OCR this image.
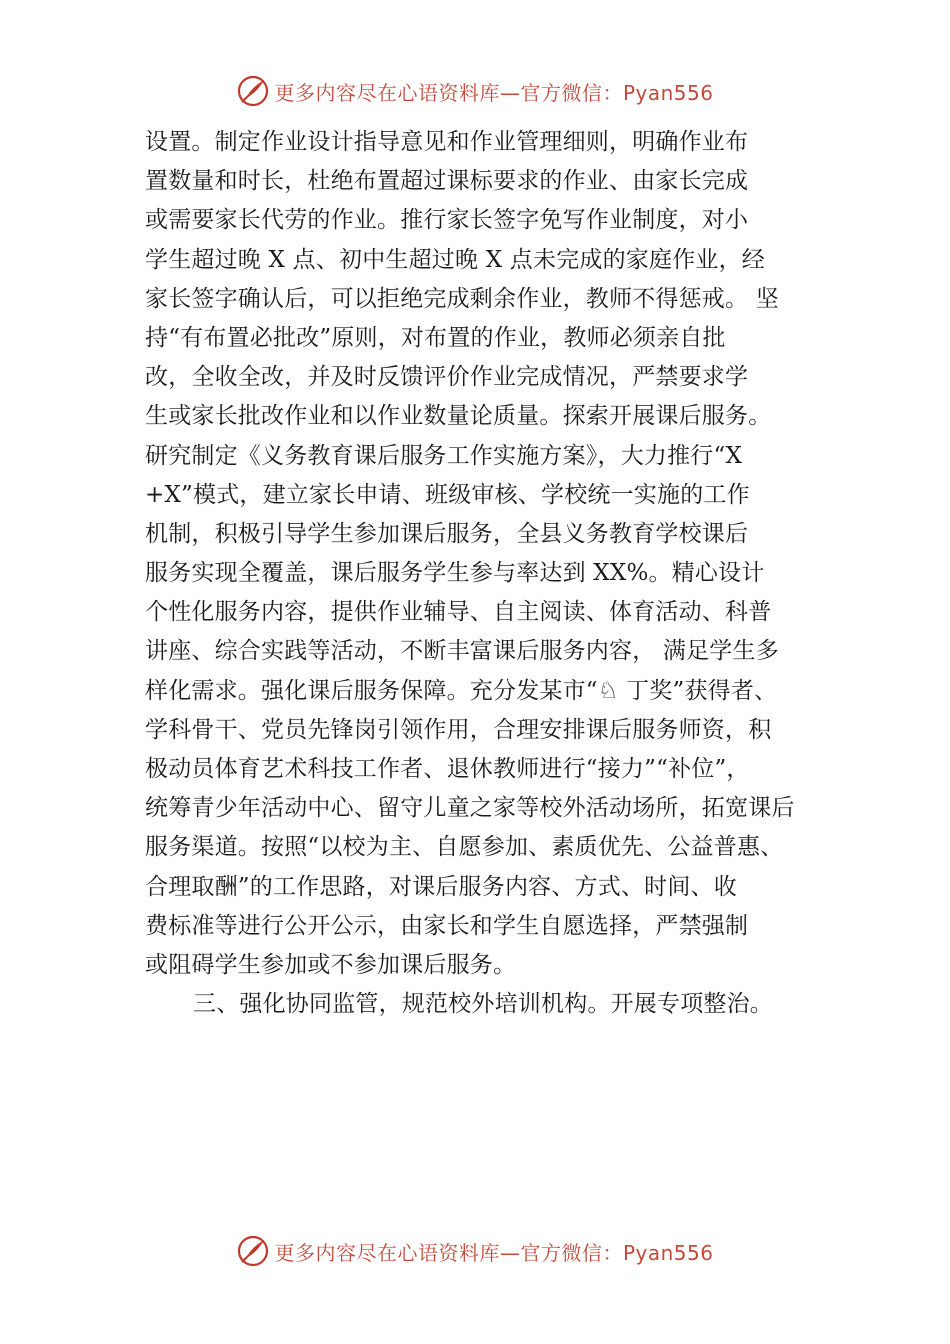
更多内容尽在心语资料库—官方微信：Pyan556
设置。制定作业设计指导意见和作业管理细则，明确作业布
置数量和时长，杜绝布置超过课标要求的作业、由家长完成
或需要家长代劳的作业。推行家长签字免写作业制度，对小
学生超过晚 X 点、初中生超过晚 X 点未完成的家庭作业，经
家长签字确认后，可以拒绝完成剩余作业，教师不得惩戒。 坚
持“有布置必批改”原则，对布置的作业，教师必须亲自批
改，全收全改，并及时反馈评价作业完成情况，严禁要求学
生或家长批改作业和以作业数量论质量。探索开展课后服务。
研究制定《义务教育课后服务工作实施方案》，大力推行“X
+X”模式，建立家长申请、班级审核、学校统一实施的工作
机制，积极引导学生参加课后服务，全县义务教育学校课后
服务实现全覆盖，课后服务学生参与率达到 XX%。精心设计
个性化服务内容，提供作业辅导、自主阅读、体育活动、科普
讲座、综合实践等活动，不断丰富课后服务内容， 满足学生多
样化需求。强化课后服务保障。充分发某市“♘ 丁奖”获得者、
学科骨干、党员先锋岗引领作用，合理安排课后服务师资，积
极动员体育艺术科技工作者、退休教师进行“接力”“补位”，
统筹青少年活动中心、留守儿童之家等校外活动场所，拓宽课后
服务渠道。按照“以校为主、自愿参加、素质优先、公益普惠、
合理取酬”的工作思路，对课后服务内容、方式、时间、收
费标准等进行公开公示，由家长和学生自愿选择，严禁强制
或阻碍学生参加或不参加课后服务。
三、强化协同监管，规范校外培训机构。开展专项整治。
更多内容尽在心语资料库—官方微信：Pyan556
